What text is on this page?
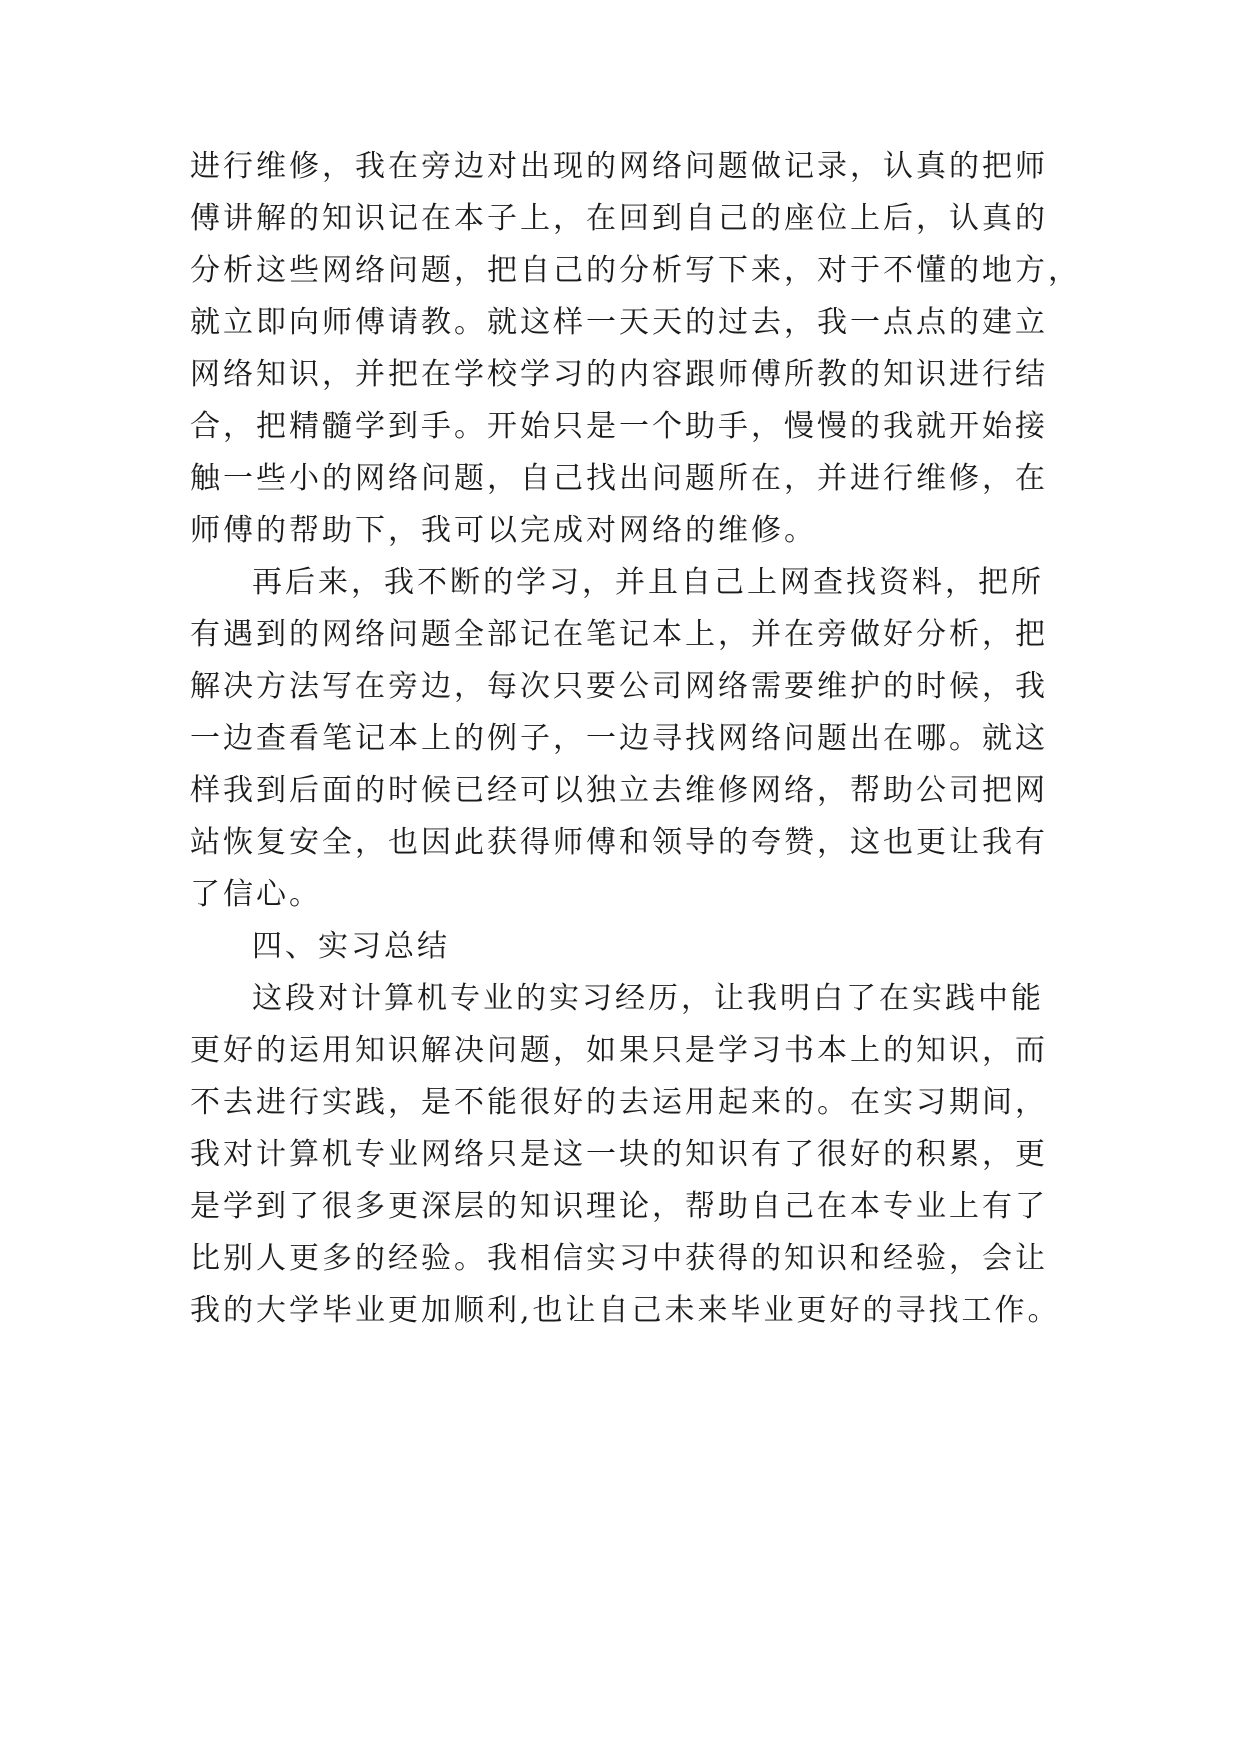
进行维修，我在旁边对出现的网络问题做记录，认真的把师
傅讲解的知识记在本子上，在回到自己的座位上后，认真的
分析这些网络问题，把自己的分析写下来，对于不懂的地方，
就立即向师傅请教。就这样一天天的过去，我一点点的建立
网络知识，并把在学校学习的内容跟师傅所教的知识进行结
合，把精髓学到手。开始只是一个助手，慢慢的我就开始接
触一些小的网络问题，自己找出问题所在，并进行维修，在
师傅的帮助下，我可以完成对网络的维修。
再后来，我不断的学习，并且自己上网查找资料，把所
有遇到的网络问题全部记在笔记本上，并在旁做好分析，把
解决方法写在旁边，每次只要公司网络需要维护的时候，我
一边查看笔记本上的例子，一边寻找网络问题出在哪。就这
样我到后面的时候已经可以独立去维修网络，帮助公司把网
站恢复安全，也因此获得师傅和领导的夸赞，这也更让我有
了信心。
四、实习总结
这段对计算机专业的实习经历，让我明白了在实践中能
更好的运用知识解决问题，如果只是学习书本上的知识，而
不去进行实践，是不能很好的去运用起来的。在实习期间，
我对计算机专业网络只是这一块的知识有了很好的积累，更
是学到了很多更深层的知识理论，帮助自己在本专业上有了
比别人更多的经验。我相信实习中获得的知识和经验，会让
我的大学毕业更加顺利,也让自己未来毕业更好的寻找工作。
